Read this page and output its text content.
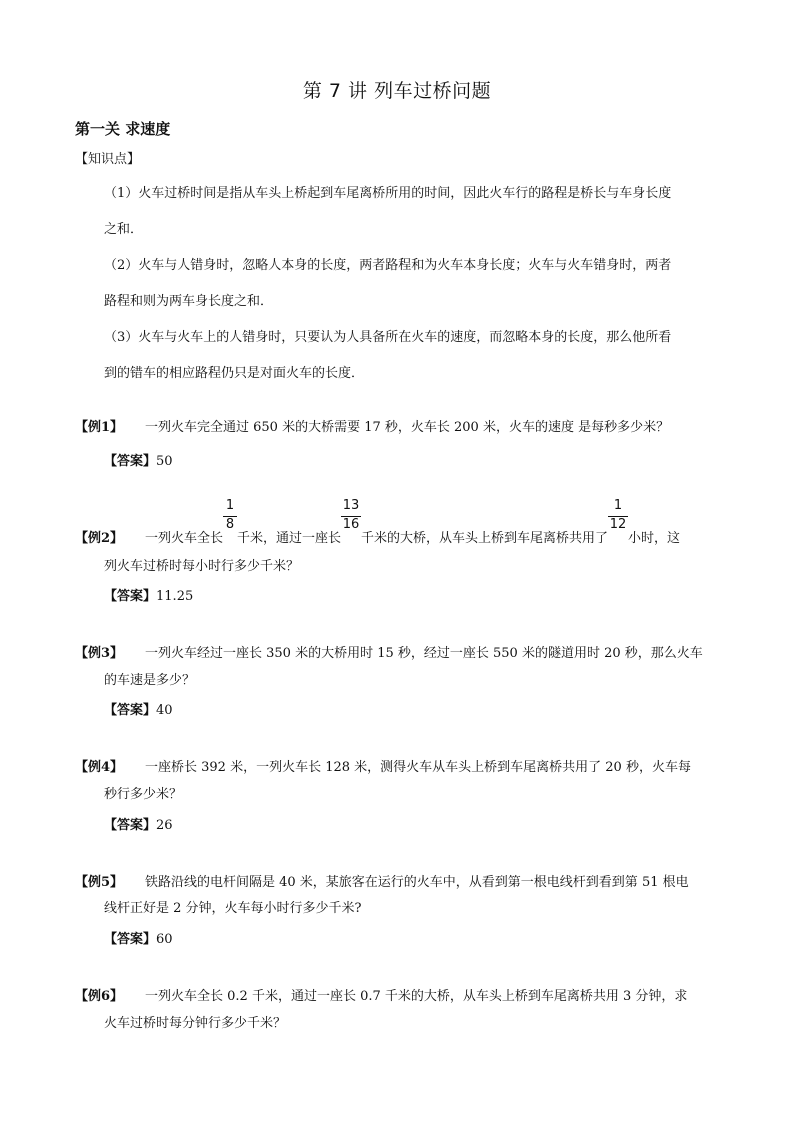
第 7 讲 列车过桥问题
第一关 求速度
【知识点】
（1）火车过桥时间是指从车头上桥起到车尾离桥所用的时间，因此火车行的路程是桥长与车身长度
之和．
（2）火车与人错身时，忽略人本身的长度，两者路程和为火车本身长度；火车与火车错身时，两者
路程和则为两车身长度之和．
（3）火车与火车上的人错身时，只要认为人具备所在火车的速度，而忽略本身的长度，那么他所看
到的错车的相应路程仍只是对面火车的长度．
【例1】 一列火车完全通过 650 米的大桥需要 17 秒，火车长 200 米，火车的速度 是每秒多少米？
【答案】50
【例2】 一列火车全长 $\frac{1}{8}$ 千米，通过一座长 $\frac{13}{16}$ 千米的大桥，从车头上桥到车尾离桥共用了 $\frac{1}{12}$ 小时，这
列火车过桥时每小时行多少千米？
【答案】11.25
【例3】 一列火车经过一座长 350 米的大桥用时 15 秒，经过一座长 550 米的隧道用时 20 秒，那么火车
的车速是多少？
【答案】40
【例4】 一座桥长 392 米，一列火车长 128 米，测得火车从车头上桥到车尾离桥共用了 20 秒，火车每
秒行多少米？
【答案】26
【例5】 铁路沿线的电杆间隔是 40 米，某旅客在运行的火车中，从看到第一根电线杆到看到第 51 根电
线杆正好是 2 分钟，火车每小时行多少千米?
【答案】60
【例6】 一列火车全长 0.2 千米，通过一座长 0.7 千米的大桥，从车头上桥到车尾离桥共用 3 分钟，求
火车过桥时每分钟行多少千米？
